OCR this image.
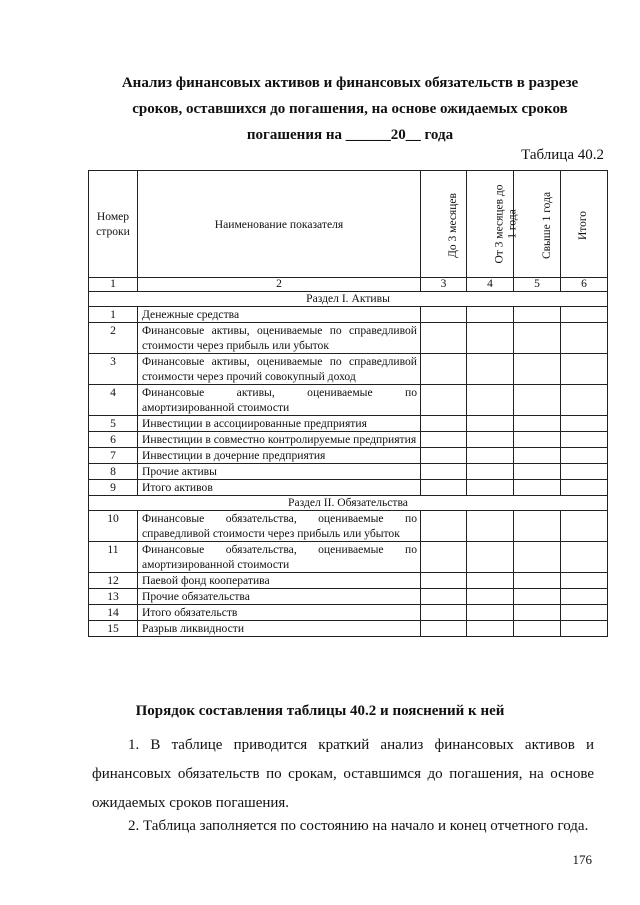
Анализ финансовых активов и финансовых обязательств в разрезе
сроков, оставшихся до погашения, на основе ожидаемых сроков
погашения на ______20__ года
Таблица 40.2
Номер строки	Наименование показателя	До 3 месяцев	От 3 месяцев до
1 года	Свыше 1 года	Итого
1	2	3	4	5	6
Раздел I. Активы					
1	Денежные средства				
2	Финансовые активы, оцениваемые по справедливой стоимости через прибыль или убыток				
3	Финансовые активы, оцениваемые по справедливой стоимости через прочий совокупный доход				
4	Финансовые активы, оцениваемые по амортизированной стоимости				
5	Инвестиции в ассоциированные предприятия				
6	Инвестиции в совместно контролируемые предприятия				
7	Инвестиции в дочерние предприятия				
8	Прочие активы				
9	Итого активов				
Раздел II. Обязательства					
10	Финансовые обязательства, оцениваемые по справедливой стоимости через прибыль или убыток				
11	Финансовые обязательства, оцениваемые по амортизированной стоимости				
12	Паевой фонд кооператива				
13	Прочие обязательства				
14	Итого обязательств				
15	Разрыв ликвидности				
Порядок составления таблицы 40.2 и пояснений к ней

1. В таблице приводится краткий анализ финансовых активов и финансовых обязательств по срокам, оставшимся до погашения, на основе ожидаемых сроков погашения.

2. Таблица заполняется по состоянию на начало и конец отчетного года.

176
